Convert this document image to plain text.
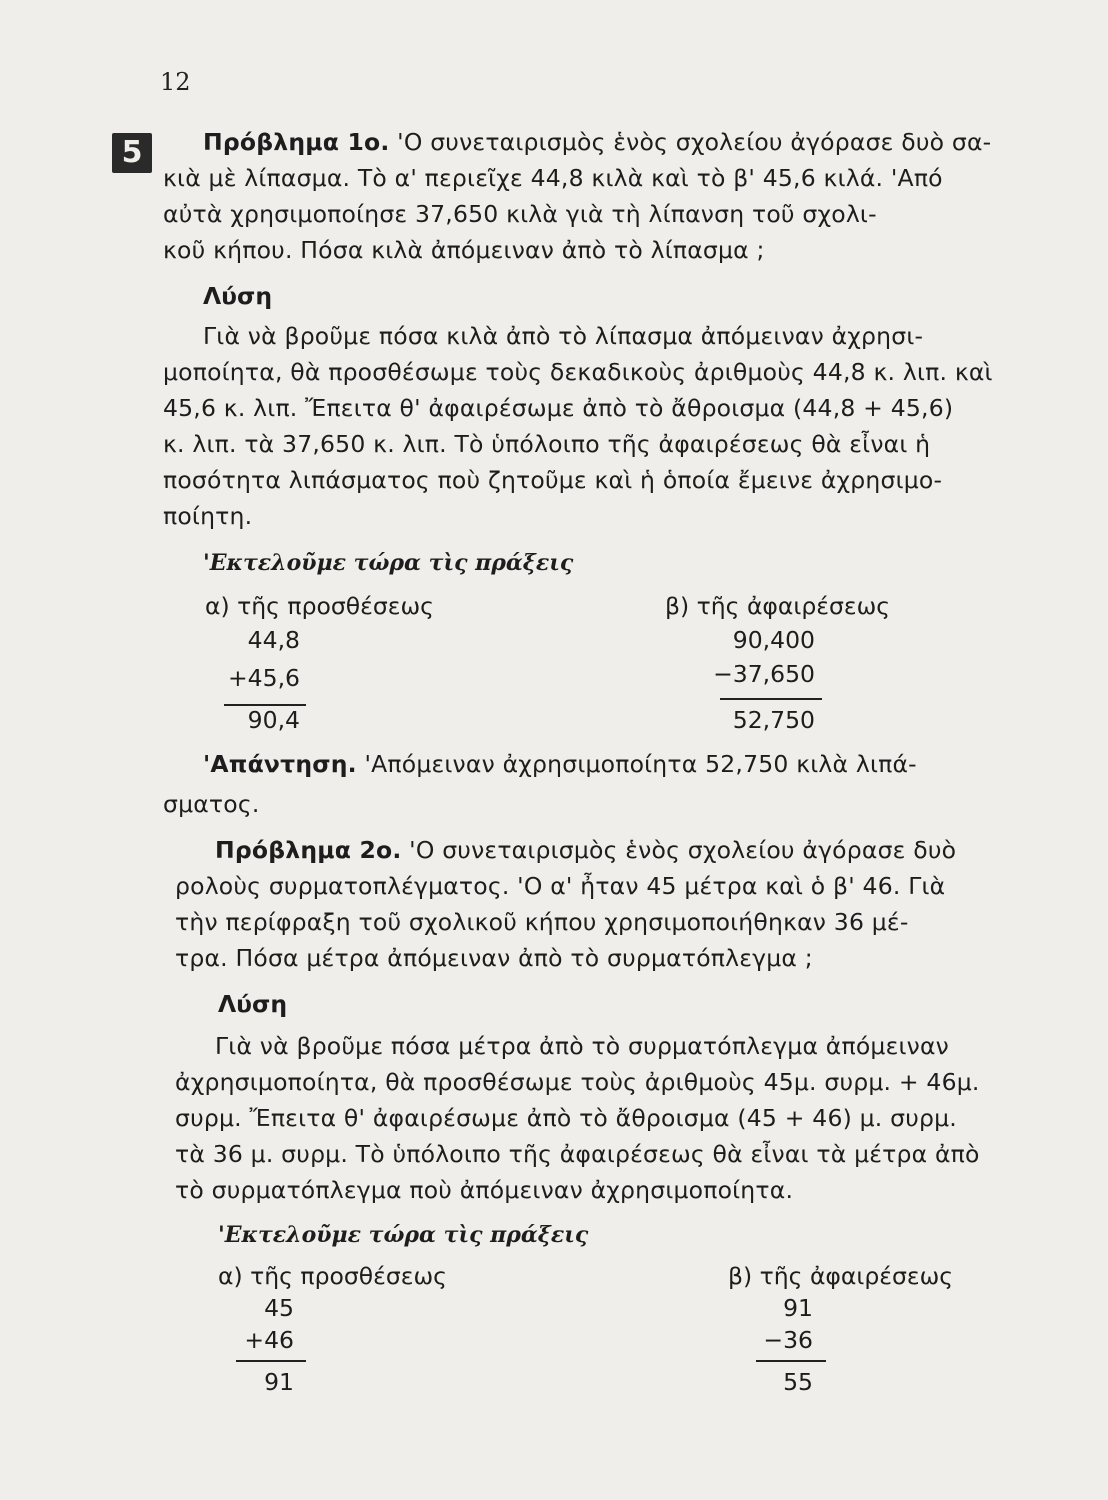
12
5	Πρόβλημα 1ο. 'Ο συνεταιρισμὸς ἑνὸς σχολείου ἀγόρασε δυὸ σα-

κιὰ μὲ λίπασμα. Τὸ α' περιεῖχε 44,8 κιλὰ καὶ τὸ β' 45,6 κιλά. 'Από

αὐτὰ χρησιμοποίησε 37,650 κιλὰ γιὰ τὴ λίπανση τοῦ σχολι-

κοῦ κήπου. Πόσα κιλὰ ἀπόμειναν ἀπὸ τὸ λίπασμα ;

Λύση

Γιὰ νὰ βροῦμε πόσα κιλὰ ἀπὸ τὸ λίπασμα ἀπόμειναν ἀχρησι-

μοποίητα, θὰ προσθέσωμε τοὺς δεκαδικοὺς ἀριθμοὺς 44,8 κ. λιπ. καὶ

45,6 κ. λιπ. Ἔπειτα θ' ἀφαιρέσωμε ἀπὸ τὸ ἄθροισμα (44,8 + 45,6)

κ. λιπ. τὰ 37,650 κ. λιπ. Τὸ ὑπόλοιπο τῆς ἀφαιρέσεως θὰ εἶναι ἡ

ποσότητα λιπάσματος ποὺ ζητοῦμε καὶ ἡ ὁποία ἔμεινε ἀχρησιμο-

ποίητη.

'Εκτελοῦμε τώρα τὶς πράξεις
α) τῆς προσθέσεως
44,8
+45,6
90,4
β) τῆς ἀφαιρέσεως
90,400
−37,650
52,750

'Απάντηση. 'Απόμειναν ἀχρησιμοποίητα 52,750 κιλὰ λιπά-

σματος.

Πρόβλημα 2ο. 'Ο συνεταιρισμὸς ἑνὸς σχολείου ἀγόρασε δυὸ

ρολοὺς συρματοπλέγματος. 'Ο α' ἦταν 45 μέτρα καὶ ὁ β' 46. Γιὰ

τὴν περίφραξη τοῦ σχολικοῦ κήπου χρησιμοποιήθηκαν 36 μέ-

τρα. Πόσα μέτρα ἀπόμειναν ἀπὸ τὸ συρματόπλεγμα ;

Λύση

Γιὰ νὰ βροῦμε πόσα μέτρα ἀπὸ τὸ συρματόπλεγμα ἀπόμειναν

ἀχρησιμοποίητα, θὰ προσθέσωμε τοὺς ἀριθμοὺς 45μ. συρμ. + 46μ.

συρμ. Ἔπειτα θ' ἀφαιρέσωμε ἀπὸ τὸ ἄθροισμα (45 + 46) μ. συρμ.

τὰ 36 μ. συρμ. Τὸ ὑπόλοιπο τῆς ἀφαιρέσεως θὰ εἶναι τὰ μέτρα ἀπὸ

τὸ συρματόπλεγμα ποὺ ἀπόμειναν ἀχρησιμοποίητα.

'Εκτελοῦμε τώρα τὶς πράξεις
α) τῆς προσθέσεως
45
+46
91
β) τῆς ἀφαιρέσεως
91
−36
55
